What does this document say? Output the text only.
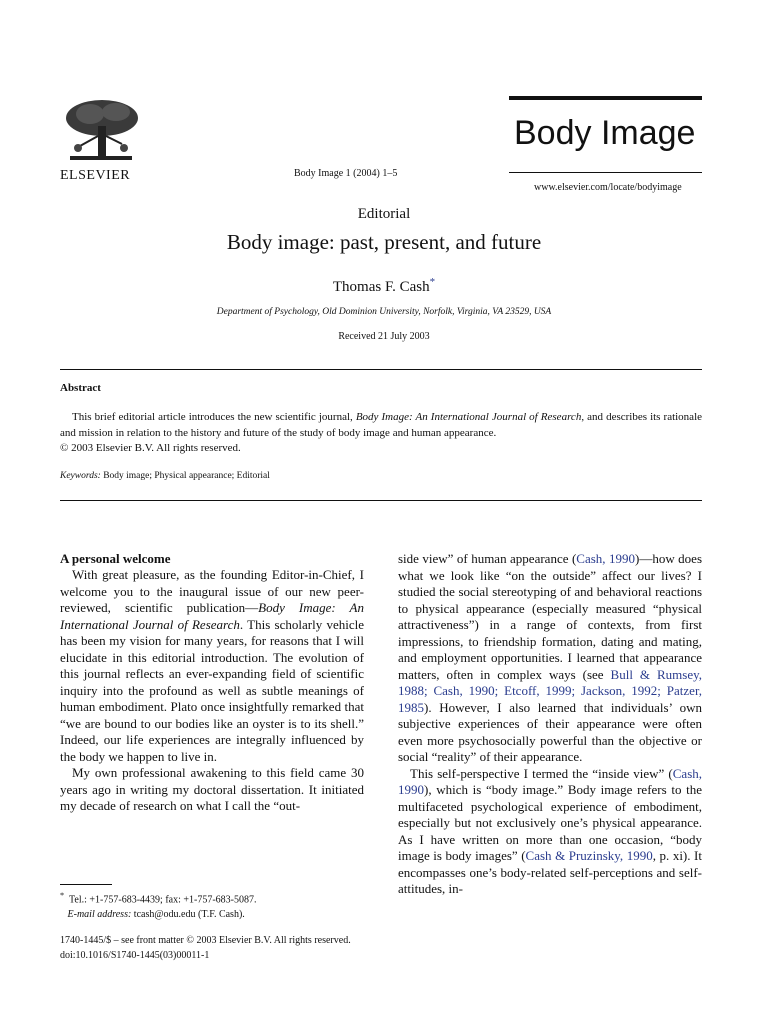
ELSEVIER	Body Image 1 (2004) 1–5
Body Image
www.elsevier.com/locate/bodyimage
Editorial
Body image: past, present, and future
Thomas F. Cash*
Department of Psychology, Old Dominion University, Norfolk, Virginia, VA 23529, USA
Received 21 July 2003
Abstract

This brief editorial article introduces the new scientific journal, Body Image: An International Journal of Research, and describes its rationale and mission in relation to the history and future of the study of body image and human appearance.

© 2003 Elsevier B.V. All rights reserved.
Keywords: Body image; Physical appearance; Editorial
A personal welcome

With great pleasure, as the founding Editor-in-Chief, I welcome you to the inaugural issue of our new peer-reviewed, scientific publication—Body Image: An International Journal of Research. This scholarly vehicle has been my vision for many years, for reasons that I will elucidate in this editorial introduction. The evolution of this journal reflects an ever-expanding field of scientific inquiry into the profound as well as subtle meanings of human embodiment. Plato once insightfully remarked that “we are bound to our bodies like an oyster is to its shell.” Indeed, our life experiences are integrally influenced by the body we happen to live in.

My own professional awakening to this field came 30 years ago in writing my doctoral dissertation. It initiated my decade of research on what I call the “out-

side view” of human appearance (Cash, 1990)—how does what we look like “on the outside” affect our lives? I studied the social stereotyping of and behavioral reactions to physical appearance (especially measured “physical attractiveness”) in a range of contexts, from first impressions, to friendship formation, dating and mating, and employment opportunities. I learned that appearance matters, often in complex ways (see Bull & Rumsey, 1988; Cash, 1990; Etcoff, 1999; Jackson, 1992; Patzer, 1985). However, I also learned that individuals’ own subjective experiences of their appearance were often even more psychosocially powerful than the objective or social “reality” of their appearance.

This self-perspective I termed the “inside view” (Cash, 1990), which is “body image.” Body image refers to the multifaceted psychological experience of embodiment, especially but not exclusively one’s physical appearance. As I have written on more than one occasion, “body image is body images” (Cash & Pruzinsky, 1990, p. xi). It encompasses one’s body-related self-perceptions and self-attitudes, in-

* Tel.: +1-757-683-4439; fax: +1-757-683-5087.
E-mail address: tcash@odu.edu (T.F. Cash).
1740-1445/$ – see front matter © 2003 Elsevier B.V. All rights reserved.
doi:10.1016/S1740-1445(03)00011-1
